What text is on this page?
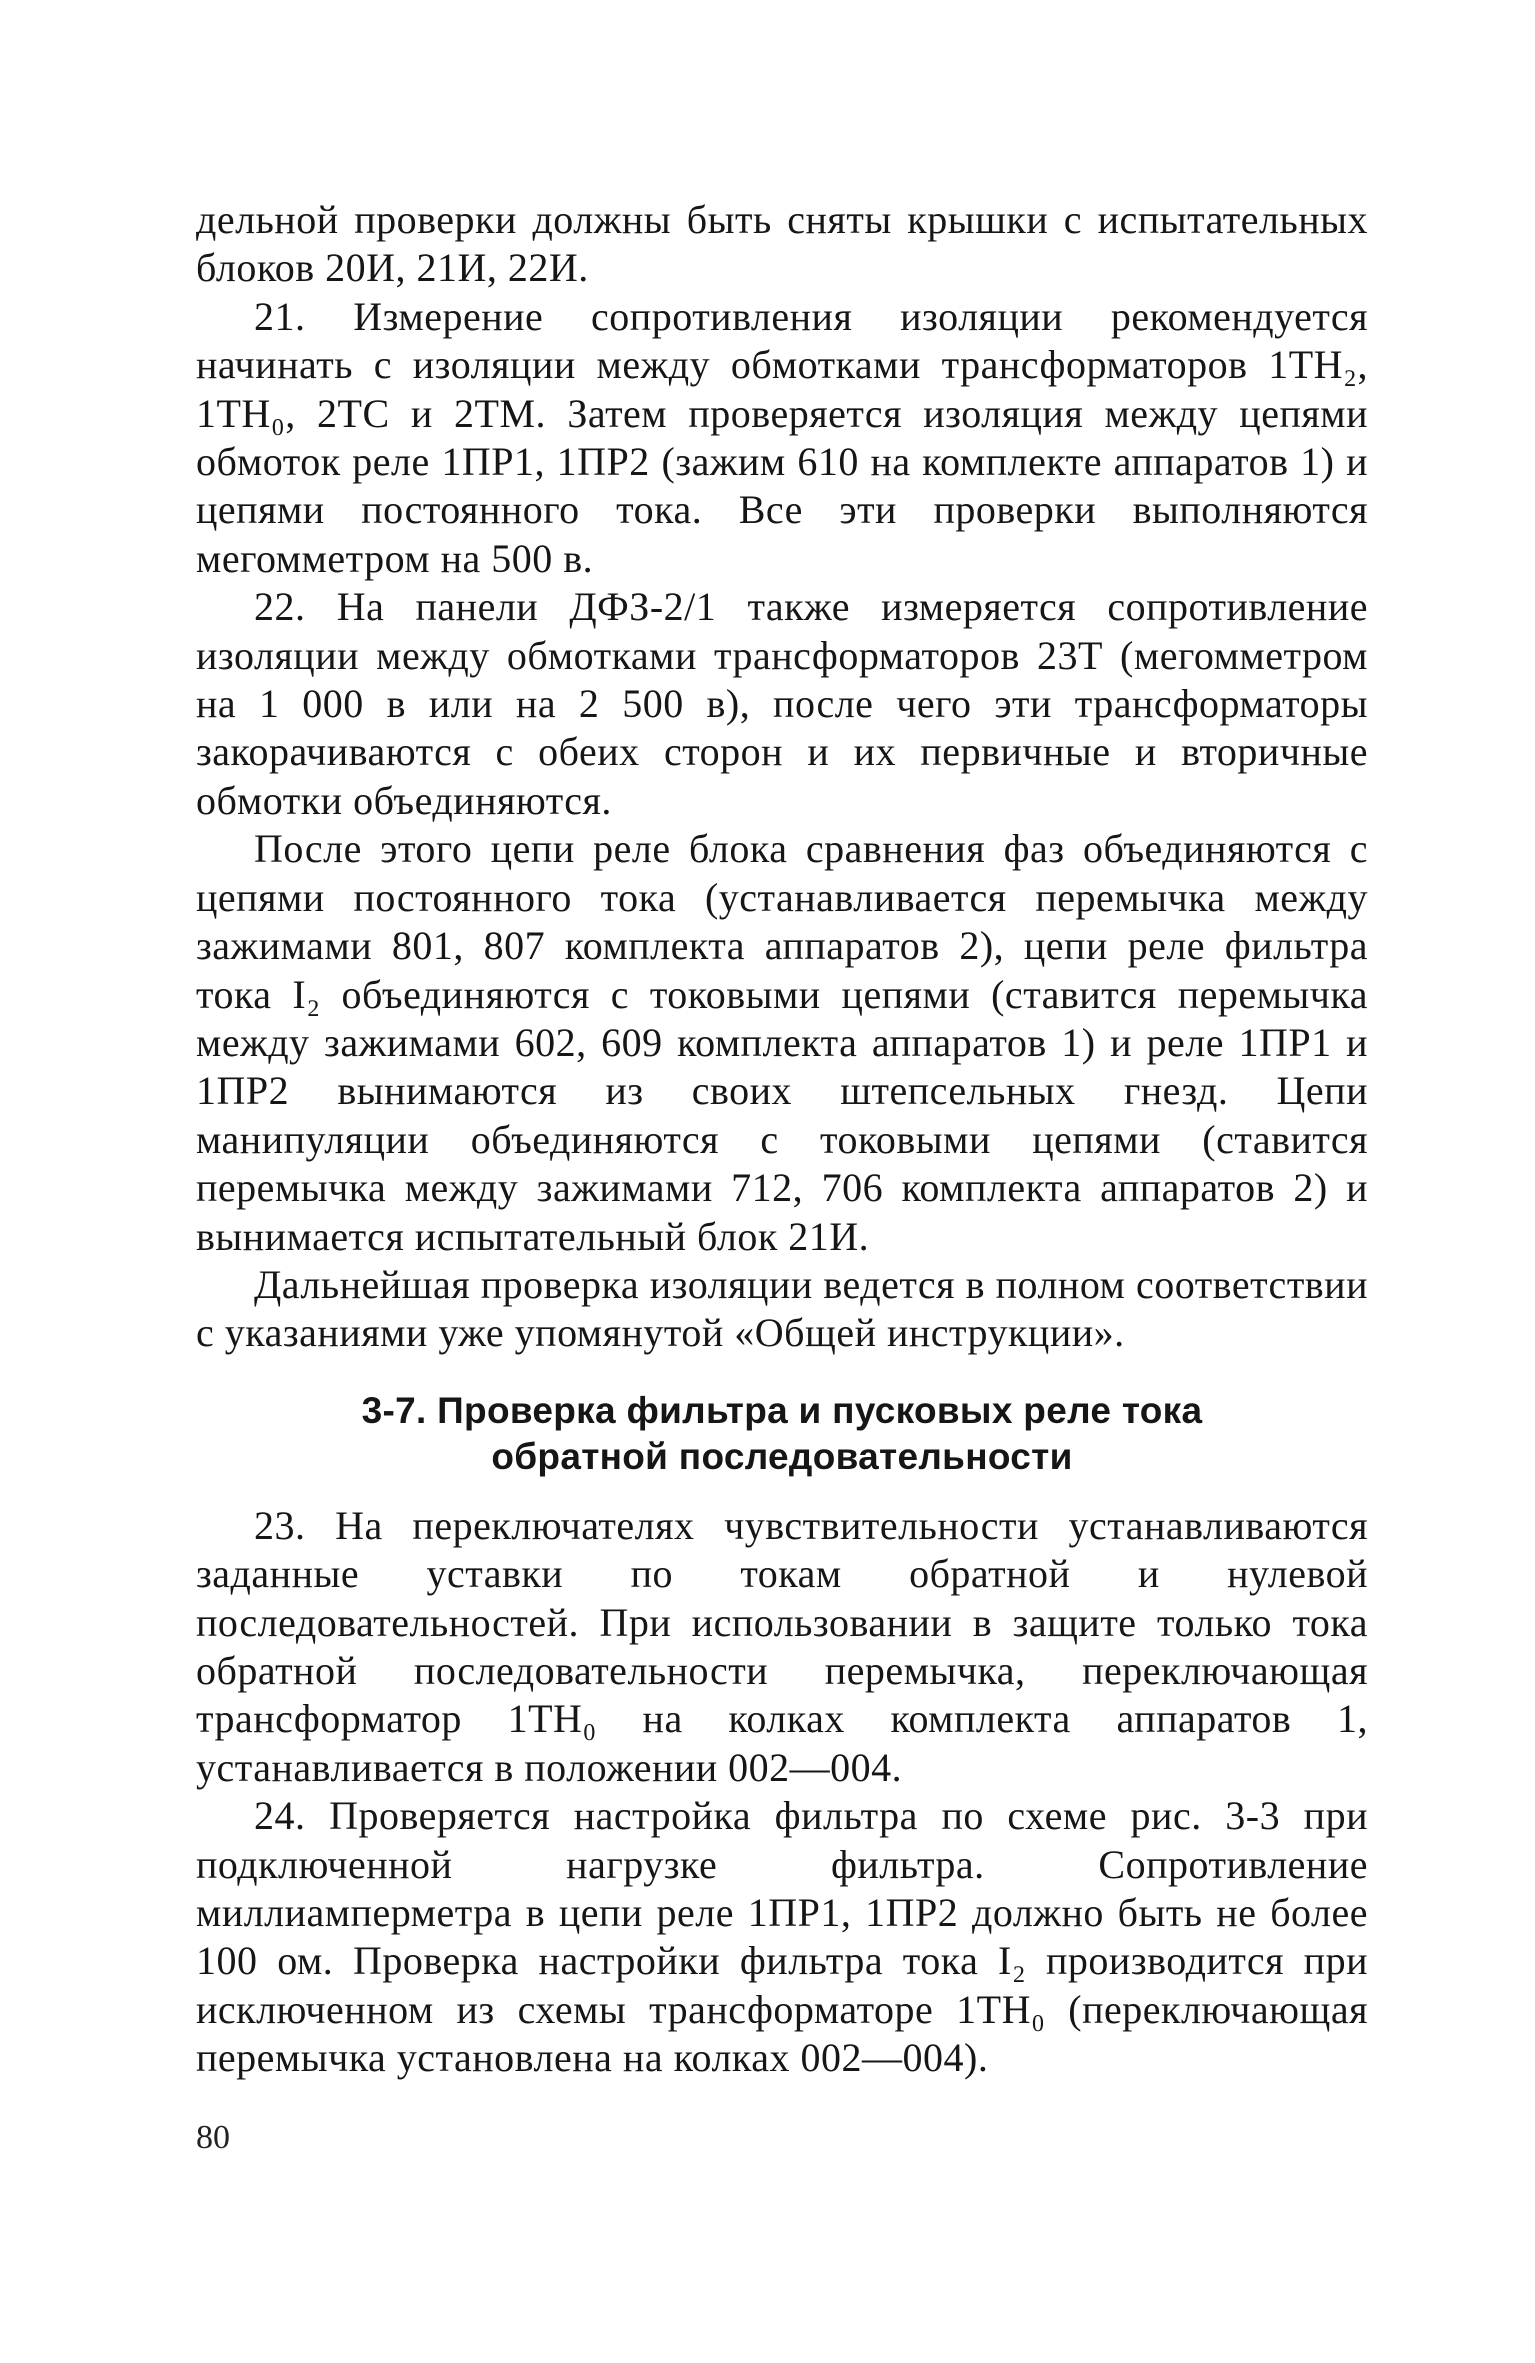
дельной проверки должны быть сняты крышки с испытательных блоков 20И, 21И, 22И.

21. Измерение сопротивления изоляции рекомендуется начинать с изоляции между обмотками трансформаторов 1TH₂, 1TH₀, 2TC и 2TM. Затем проверяется изоляция между цепями обмоток реле 1ПР1, 1ПР2 (зажим 610 на комплекте аппаратов 1) и цепями постоянного тока. Все эти проверки выполняются мегомметром на 500 в.

22. На панели ДФЗ-2/1 также измеряется сопротивление изоляции между обмотками трансформаторов 23Т (мегомметром на 1 000 в или на 2 500 в), после чего эти трансформаторы закорачиваются с обеих сторон и их первичные и вторичные обмотки объединяются.

После этого цепи реле блока сравнения фаз объединяются с цепями постоянного тока (устанавливается перемычка между зажимами 801, 807 комплекта аппаратов 2), цепи реле фильтра тока I₂ объединяются с токовыми цепями (ставится перемычка между зажимами 602, 609 комплекта аппаратов 1) и реле 1ПР1 и 1ПР2 вынимаются из своих штепсельных гнезд. Цепи манипуляции объединяются с токовыми цепями (ставится перемычка между зажимами 712, 706 комплекта аппаратов 2) и вынимается испытательный блок 21И.

Дальнейшая проверка изоляции ведется в полном соответствии с указаниями уже упомянутой «Общей инструкции».

3-7. Проверка фильтра и пусковых реле тока
обратной последовательности

23. На переключателях чувствительности устанавливаются заданные уставки по токам обратной и нулевой последовательностей. При использовании в защите только тока обратной последовательности перемычка, переключающая трансформатор 1TH₀ на колках комплекта аппаратов 1, устанавливается в положении 002—004.

24. Проверяется настройка фильтра по схеме рис. 3-3 при подключенной нагрузке фильтра. Сопротивление миллиамперметра в цепи реле 1ПР1, 1ПР2 должно быть не более 100 ом. Проверка настройки фильтра тока I₂ производится при исключенном из схемы трансформаторе 1TH₀ (переключающая перемычка установлена на колках 002—004).

80
